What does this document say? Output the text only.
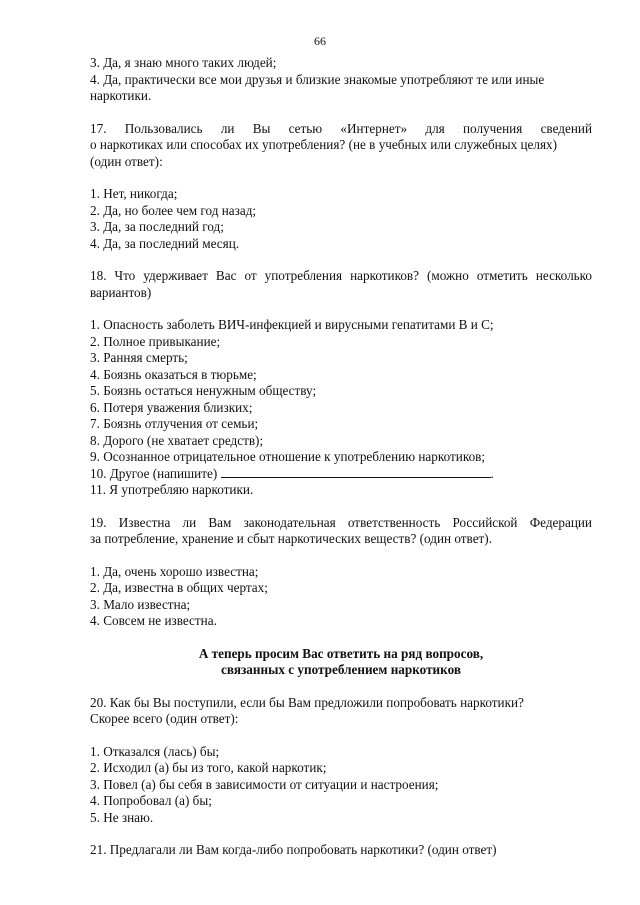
66
3. Да, я знаю много таких людей;
4. Да, практически все мои друзья и близкие знакомые употребляют те или иные
наркотики.
17. Пользовались ли Вы сетью «Интернет» для получения сведений
о наркотиках или способах их употребления? (не в учебных или служебных целях)
(один ответ):
1. Нет, никогда;
2. Да, но более чем год назад;
3. Да, за последний год;
4. Да, за последний месяц.
18. Что удерживает Вас от употребления наркотиков? (можно отметить несколько
вариантов)
1. Опасность заболеть ВИЧ-инфекцией и вирусными гепатитами В и С;
2. Полное привыкание;
3. Ранняя смерть;
4. Боязнь оказаться в тюрьме;
5. Боязнь остаться ненужным обществу;
6. Потеря уважения близких;
7. Боязнь отлучения от семьи;
8. Дорого (не хватает средств);
9. Осознанное отрицательное отношение к употреблению наркотиков;
10. Другое (напишите)	.
11. Я употребляю наркотики.
19. Известна ли Вам законодательная ответственность Российской Федерации
за потребление, хранение и сбыт наркотических веществ? (один ответ).
1. Да, очень хорошо известна;
2. Да, известна в общих чертах;
3. Мало известна;
4. Совсем не известна.
А теперь просим Вас ответить на ряд вопросов,
связанных с употреблением наркотиков
20. Как бы Вы поступили, если бы Вам предложили попробовать наркотики?
Скорее всего (один ответ):
1. Отказался (лась) бы;
2. Исходил (а) бы из того, какой наркотик;
3. Повел (а) бы себя в зависимости от ситуации и настроения;
4. Попробовал (а) бы;
5. Не знаю.
21. Предлагали ли Вам когда-либо попробовать наркотики? (один ответ)
